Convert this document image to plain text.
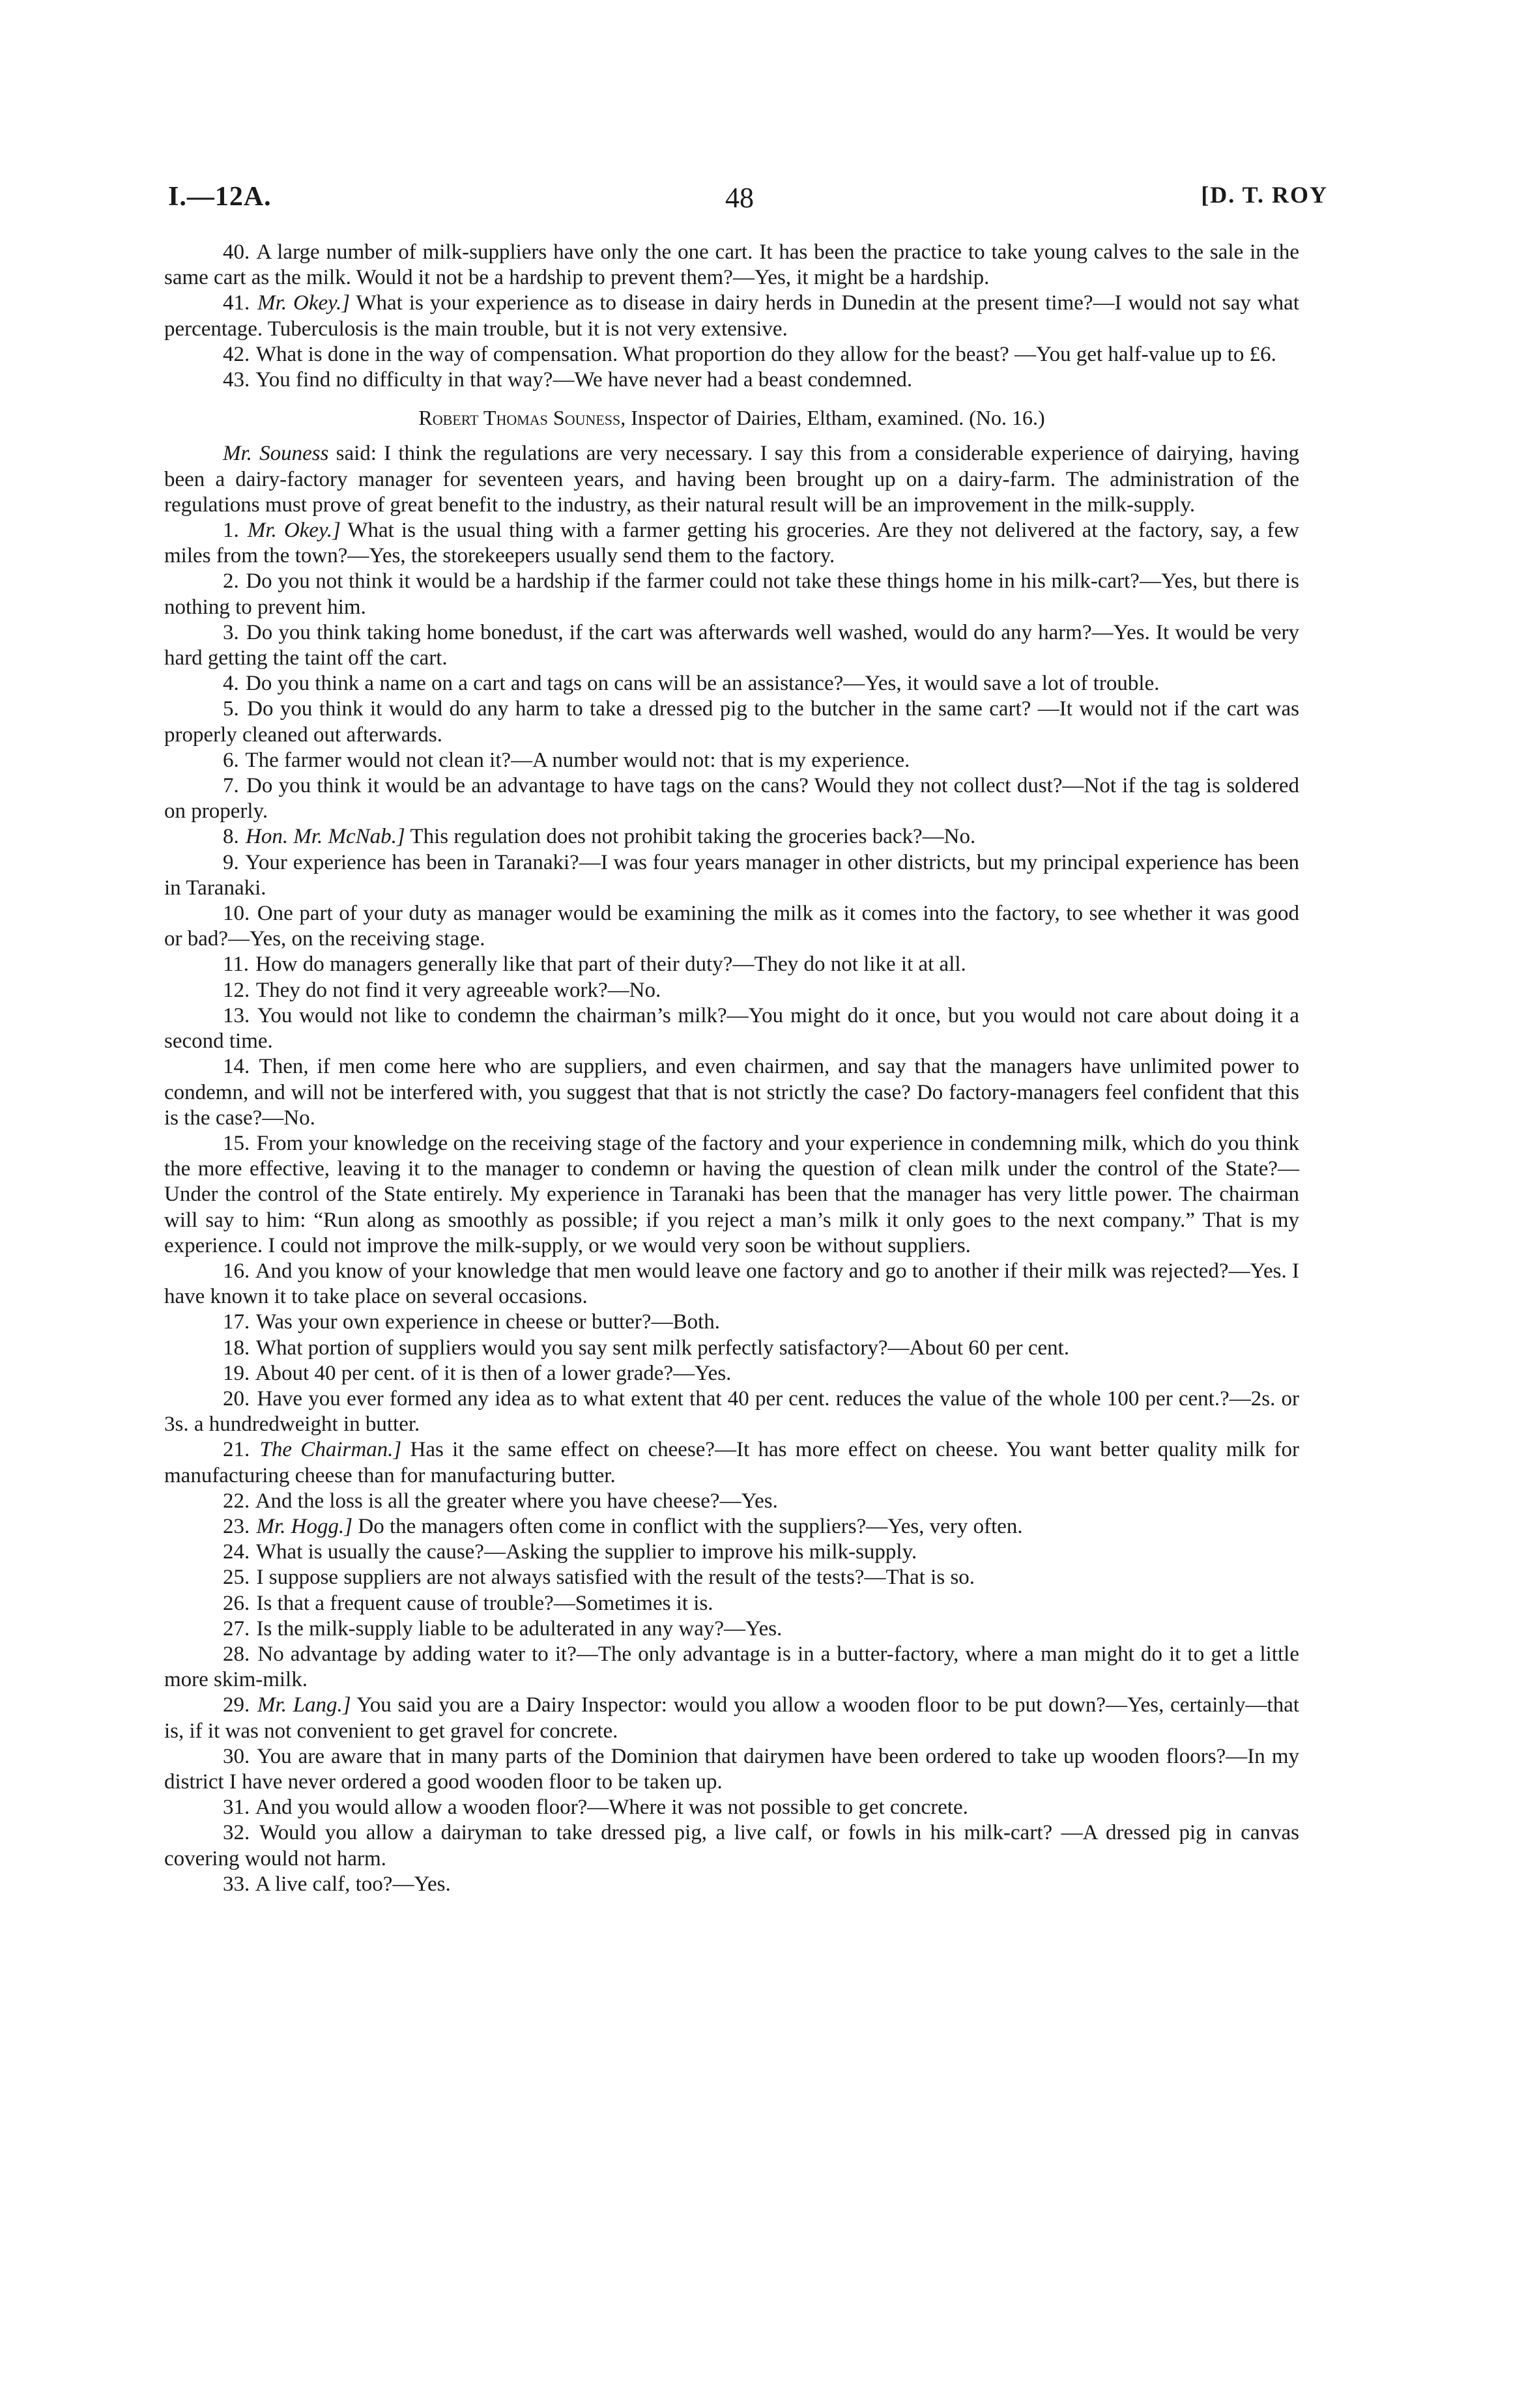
I.—12A.	48	[D. T. ROY

40. A large number of milk-suppliers have only the one cart. It has been the practice to take young calves to the sale in the same cart as the milk. Would it not be a hardship to prevent them?—Yes, it might be a hardship.

41. Mr. Okey.] What is your experience as to disease in dairy herds in Dunedin at the present time?—I would not say what percentage. Tuberculosis is the main trouble, but it is not very extensive.

42. What is done in the way of compensation. What proportion do they allow for the beast? —You get half-value up to £6.

43. You find no difficulty in that way?—We have never had a beast condemned.

Robert Thomas Souness, Inspector of Dairies, Eltham, examined. (No. 16.)

Mr. Souness said: I think the regulations are very necessary. I say this from a considerable experience of dairying, having been a dairy-factory manager for seventeen years, and having been brought up on a dairy-farm. The administration of the regulations must prove of great benefit to the industry, as their natural result will be an improvement in the milk-supply.

1. Mr. Okey.] What is the usual thing with a farmer getting his groceries. Are they not delivered at the factory, say, a few miles from the town?—Yes, the storekeepers usually send them to the factory.

2. Do you not think it would be a hardship if the farmer could not take these things home in his milk-cart?—Yes, but there is nothing to prevent him.

3. Do you think taking home bonedust, if the cart was afterwards well washed, would do any harm?—Yes. It would be very hard getting the taint off the cart.

4. Do you think a name on a cart and tags on cans will be an assistance?—Yes, it would save a lot of trouble.

5. Do you think it would do any harm to take a dressed pig to the butcher in the same cart? —It would not if the cart was properly cleaned out afterwards.

6. The farmer would not clean it?—A number would not: that is my experience.

7. Do you think it would be an advantage to have tags on the cans? Would they not collect dust?—Not if the tag is soldered on properly.

8. Hon. Mr. McNab.] This regulation does not prohibit taking the groceries back?—No.

9. Your experience has been in Taranaki?—I was four years manager in other districts, but my principal experience has been in Taranaki.

10. One part of your duty as manager would be examining the milk as it comes into the factory, to see whether it was good or bad?—Yes, on the receiving stage.

11. How do managers generally like that part of their duty?—They do not like it at all.

12. They do not find it very agreeable work?—No.

13. You would not like to condemn the chairman’s milk?—You might do it once, but you would not care about doing it a second time.

14. Then, if men come here who are suppliers, and even chairmen, and say that the managers have unlimited power to condemn, and will not be interfered with, you suggest that that is not strictly the case? Do factory-managers feel confident that this is the case?—No.

15. From your knowledge on the receiving stage of the factory and your experience in condemning milk, which do you think the more effective, leaving it to the manager to condemn or having the question of clean milk under the control of the State?—Under the control of the State entirely. My experience in Taranaki has been that the manager has very little power. The chairman will say to him: “Run along as smoothly as possible; if you reject a man’s milk it only goes to the next company.” That is my experience. I could not improve the milk-supply, or we would very soon be without suppliers.

16. And you know of your knowledge that men would leave one factory and go to another if their milk was rejected?—Yes. I have known it to take place on several occasions.

17. Was your own experience in cheese or butter?—Both.

18. What portion of suppliers would you say sent milk perfectly satisfactory?—About 60 per cent.

19. About 40 per cent. of it is then of a lower grade?—Yes.

20. Have you ever formed any idea as to what extent that 40 per cent. reduces the value of the whole 100 per cent.?—2s. or 3s. a hundredweight in butter.

21. The Chairman.] Has it the same effect on cheese?—It has more effect on cheese. You want better quality milk for manufacturing cheese than for manufacturing butter.

22. And the loss is all the greater where you have cheese?—Yes.

23. Mr. Hogg.] Do the managers often come in conflict with the suppliers?—Yes, very often.

24. What is usually the cause?—Asking the supplier to improve his milk-supply.

25. I suppose suppliers are not always satisfied with the result of the tests?—That is so.

26. Is that a frequent cause of trouble?—Sometimes it is.

27. Is the milk-supply liable to be adulterated in any way?—Yes.

28. No advantage by adding water to it?—The only advantage is in a butter-factory, where a man might do it to get a little more skim-milk.

29. Mr. Lang.] You said you are a Dairy Inspector: would you allow a wooden floor to be put down?—Yes, certainly—that is, if it was not convenient to get gravel for concrete.

30. You are aware that in many parts of the Dominion that dairymen have been ordered to take up wooden floors?—In my district I have never ordered a good wooden floor to be taken up.

31. And you would allow a wooden floor?—Where it was not possible to get concrete.

32. Would you allow a dairyman to take dressed pig, a live calf, or fowls in his milk-cart? —A dressed pig in canvas covering would not harm.

33. A live calf, too?—Yes.
